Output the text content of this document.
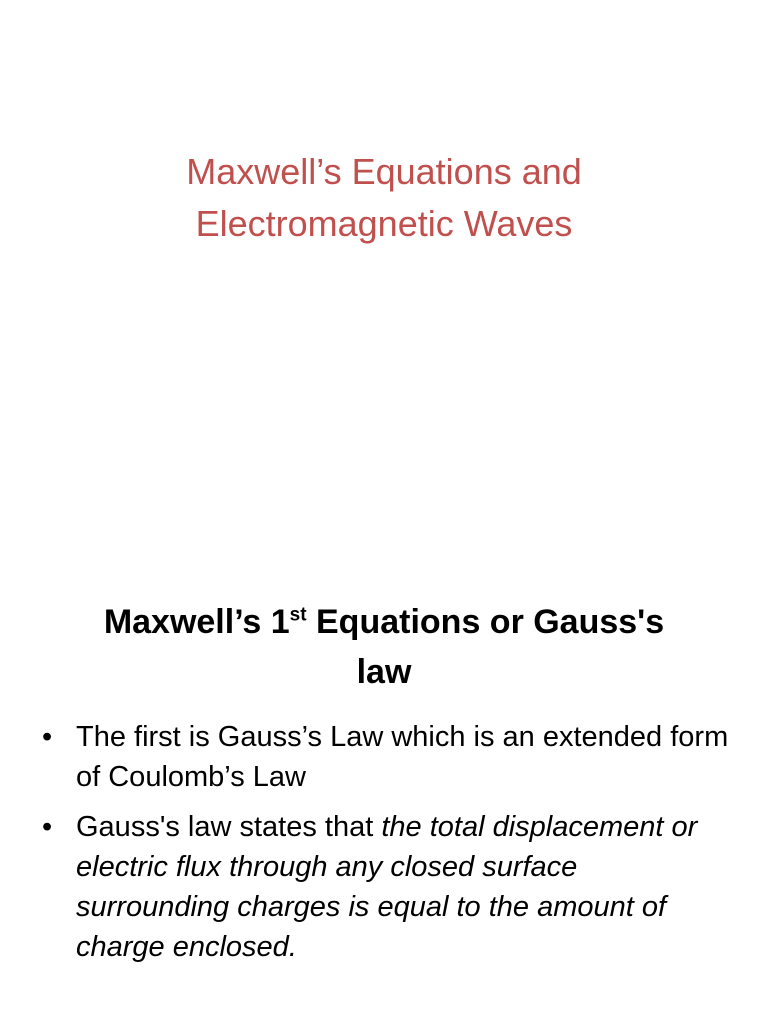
Maxwell’s Equations and
Electromagnetic Waves
Maxwell’s 1st Equations or Gauss's
law
• The first is Gauss’s Law which is an extended form of Coulomb’s Law
• Gauss's law states that the total displacement or electric flux through any closed surface surrounding charges is equal to the amount of charge enclosed.
